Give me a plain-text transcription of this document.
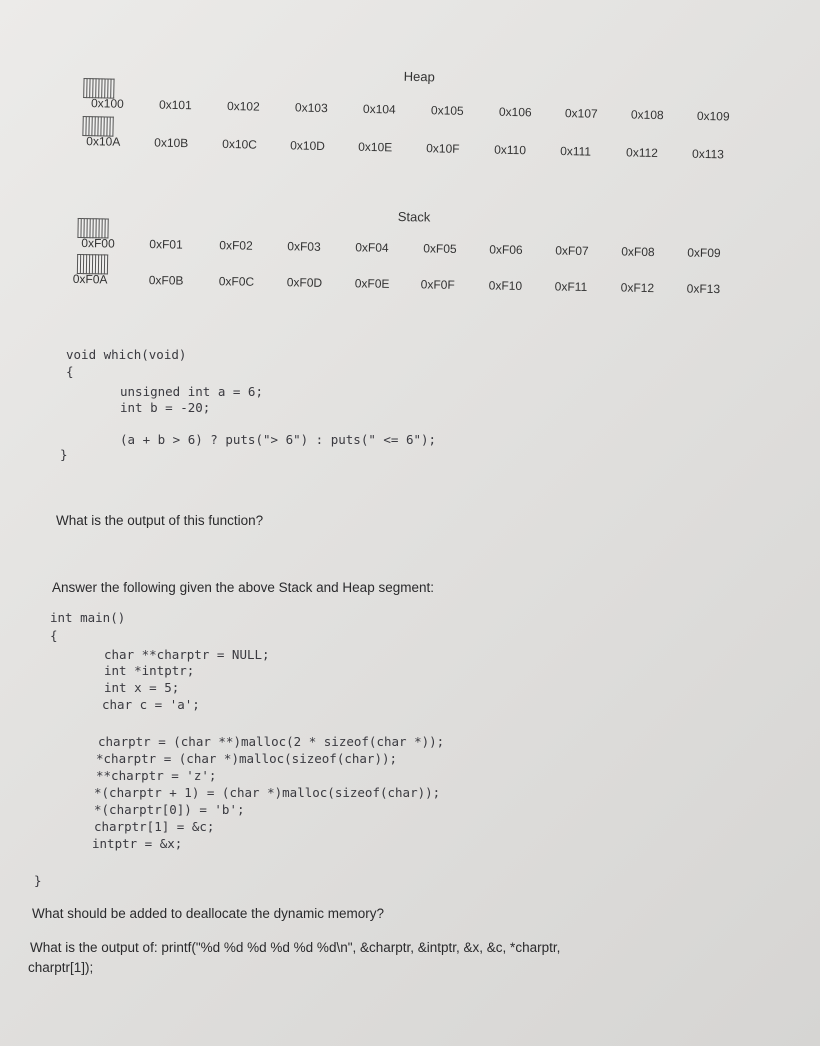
Heap

0x100	0x101	0x102	0x103	0x104	0x105	0x106	0x107	0x108	0x109

0x10A	0x10B	0x10C	0x10D	0x10E	0x10F	0x110	0x111	0x112	0x113
Stack

0xF00	0xF01	0xF02	0xF03	0xF04	0xF05	0xF06	0xF07	0xF08	0xF09

0xF0A	0xF0B	0xF0C	0xF0D	0xF0E	0xF0F	0xF10	0xF11	0xF12	0xF13
void which(void)
{
unsigned int a = 6;
int b = -20;
(a + b > 6) ? puts("> 6") : puts(" <= 6");
}
What is the output of this function?
Answer the following given the above Stack and Heap segment:
int main()
{
char **charptr = NULL;
int *intptr;
int x = 5;
char c = 'a';
charptr = (char **)malloc(2 * sizeof(char *));
*charptr = (char *)malloc(sizeof(char));
**charptr = 'z';
*(charptr + 1) = (char *)malloc(sizeof(char));
*(charptr[0]) = 'b';
charptr[1] = &c;
intptr = &x;
}
What should be added to deallocate the dynamic memory?
What is the output of: printf("%d %d %d %d %d %d\n", &charptr, &intptr, &x, &c, *charptr,
charptr[1]);
